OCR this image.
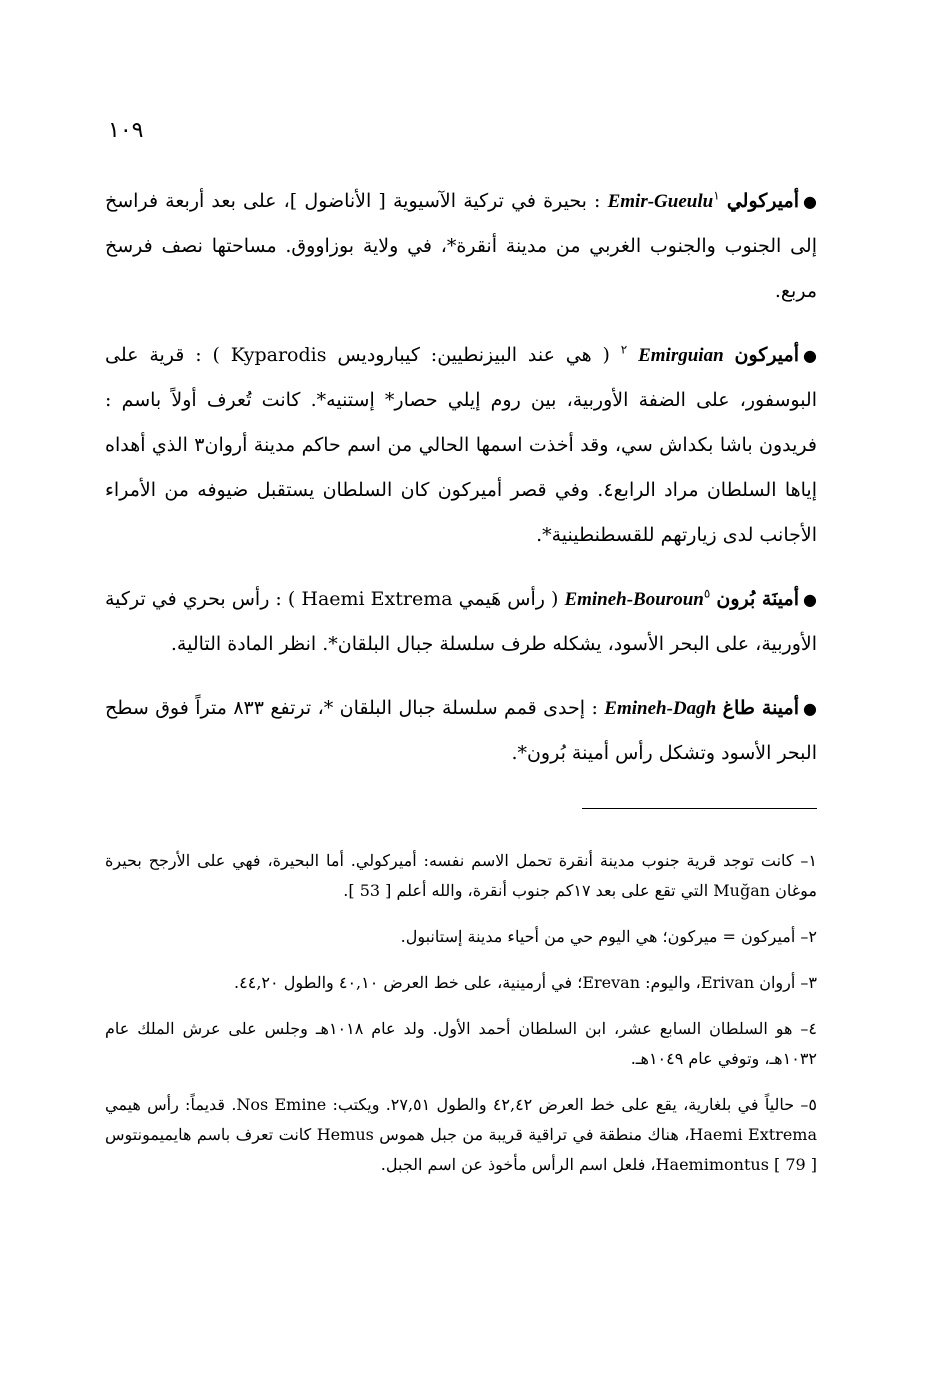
١٠٩

●أميركولي Emir-Gueulu$^١$ : بحيرة في تركية الآسيوية [ الأناضول ]، على بعد أربعة فراسخ إلى الجنوب والجنوب الغربي من مدينة أنقرة*، في ولاية بوزاووق. مساحتها نصف فرسخ مربع.

●أميركون Emirguian $^٢$ ( هي عند البيزنطيين: كيباروديس Kyparodis ) : قرية على البوسفور، على الضفة الأوربية، بين روم إيلي حصار* إستنيه*. كانت تُعرف أولاً باسم : فريدون باشا بكداش سي، وقد أخذت اسمها الحالي من اسم حاكم مدينة أروان٣ الذي أهداه إياها السلطان مراد الرابع٤. وفي قصر أميركون كان السلطان يستقبل ضيوفه من الأمراء الأجانب لدى زيارتهم للقسطنطينية*.

●أمينَة بُرون Emineh-Bouroun$^٥$ ( رأس هَيمي Haemi Extrema ) : رأس بحري في تركية الأوربية، على البحر الأسود، يشكله طرف سلسلة جبال البلقان*. انظر المادة التالية.

●أمينة طاغ Emineh-Dagh : إحدى قمم سلسلة جبال البلقان *، ترتفع ٨٣٣ متراً فوق سطح البحر الأسود وتشكل رأس أمينة بُرون*.

١– كانت توجد قرية جنوب مدينة أنقرة تحمل الاسم نفسه: أميركولي. أما البحيرة، فهي على الأرجح بحيرة موغان Muğan التي تقع على بعد ١٧كم جنوب أنقرة، والله أعلم [ 53 ].

٢– أميركون = ميركون؛ هي اليوم حي من أحياء مدينة إستانبول.

٣– أروان Erivan، واليوم: Erevan؛ في أرمينية، على خط العرض ٤٠,١٠ والطول ٤٤,٢٠.

٤– هو السلطان السابع عشر، ابن السلطان أحمد الأول. ولد عام ١٠١٨هـ وجلس على عرش الملك عام ١٠٣٢هـ، وتوفي عام ١٠٤٩هـ.

٥– حالياً في بلغارية، يقع على خط العرض ٤٢,٤٢ والطول ٢٧,٥١. ويكتب: Nos Emine. قديماً: رأس هيمي Haemi Extrema، هناك منطقة في تراقية قريبة من جبل هموس Hemus كانت تعرف باسم هايميمونتوس Haemimontus [ 79 ]، فلعل اسم الرأس مأخوذ عن اسم الجبل.
